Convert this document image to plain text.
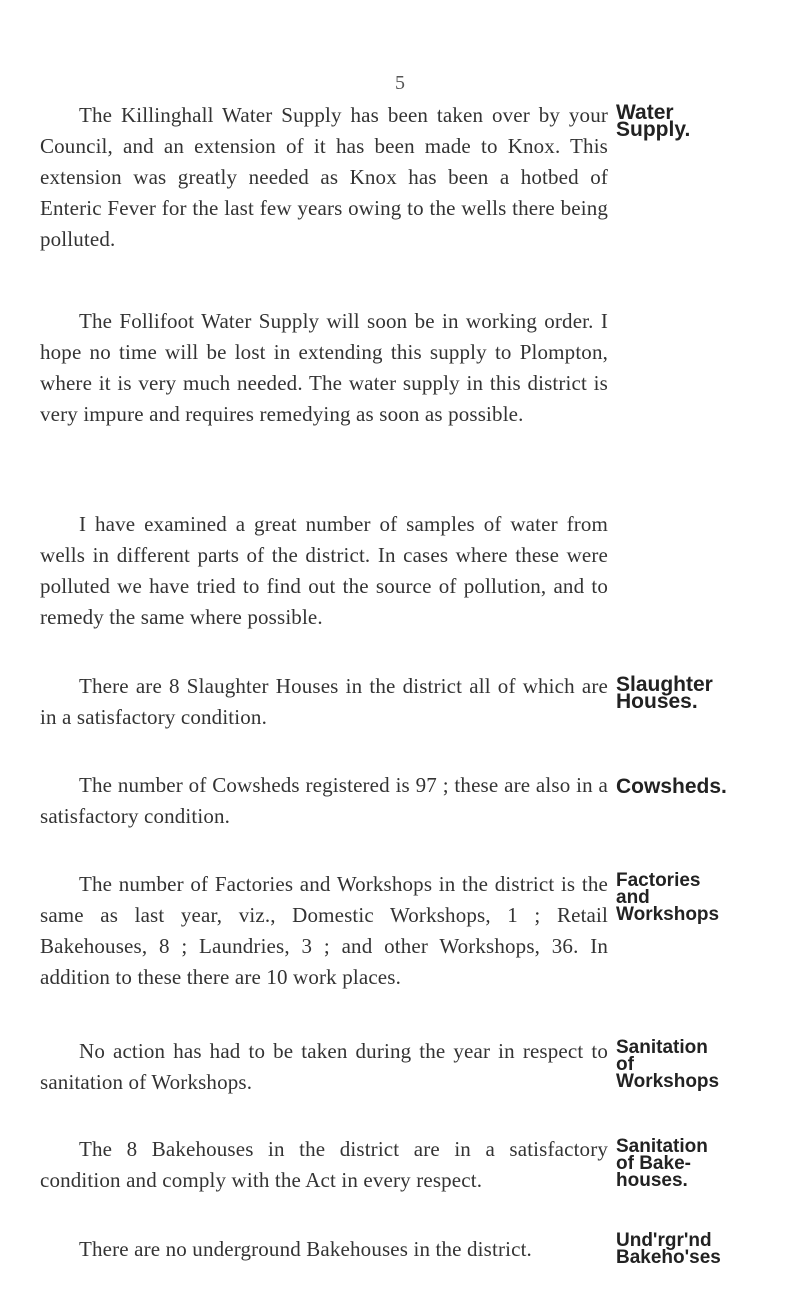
5

The Killinghall Water Supply has been taken over by your Council, and an extension of it has been made to Knox. This extension was greatly needed as Knox has been a hotbed of Enteric Fever for the last few years owing to the wells there being polluted.

The Follifoot Water Supply will soon be in working order. I hope no time will be lost in extending this supply to Plompton, where it is very much needed. The water supply in this district is very impure and requires remedying as soon as possible.

I have examined a great number of samples of water from wells in different parts of the district. In cases where these were polluted we have tried to find out the source of pollution, and to remedy the same where possible.

Water
Supply.

There are 8 Slaughter Houses in the district all of which are in a satisfactory condition.

Slaughter
Houses.

The number of Cowsheds registered is 97 ; these are also in a satisfactory condition.

Cowsheds.

The number of Factories and Workshops in the district is the same as last year, viz., Domestic Workshops, 1 ; Retail Bakehouses, 8 ; Laundries, 3 ; and other Workshops, 36. In addition to these there are 10 work places.

Factories
and
Workshops

No action has had to be taken during the year in respect to sanitation of Workshops.

Sanitation
of
Workshops

The 8 Bakehouses in the district are in a satisfactory condition and comply with the Act in every respect.

Sanitation
of Bake-
houses.

There are no underground Bakehouses in the district.	Und'rgr'nd
Bakeho'ses
